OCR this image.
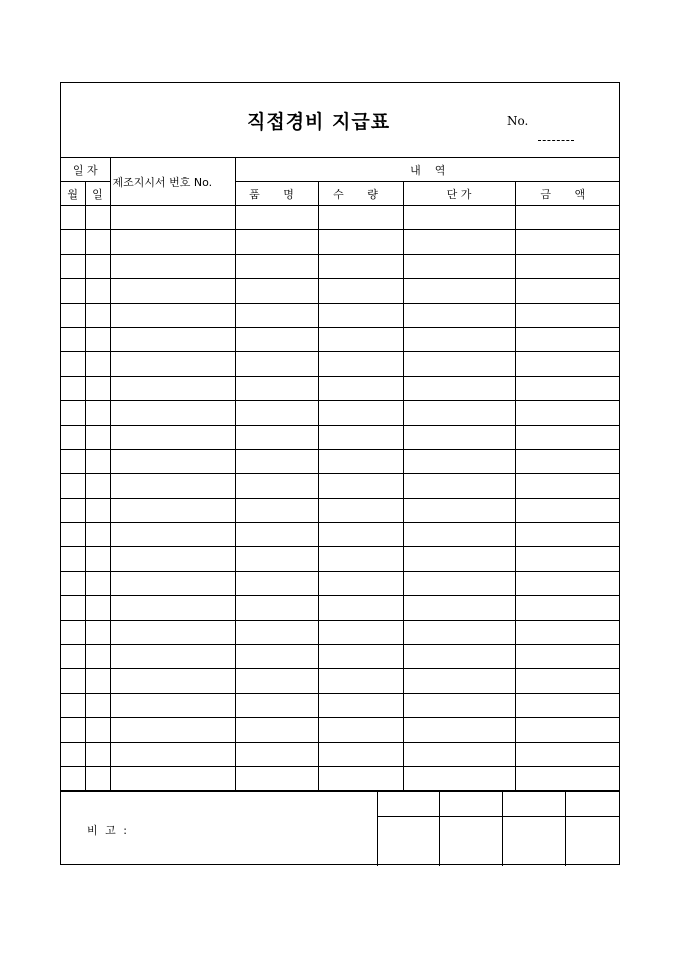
직접경비 지급표	No.
일 자		제조지시서 번호 No.	내    역			
월	일		품 명	수 량	단 가	금 액

비 고 :
